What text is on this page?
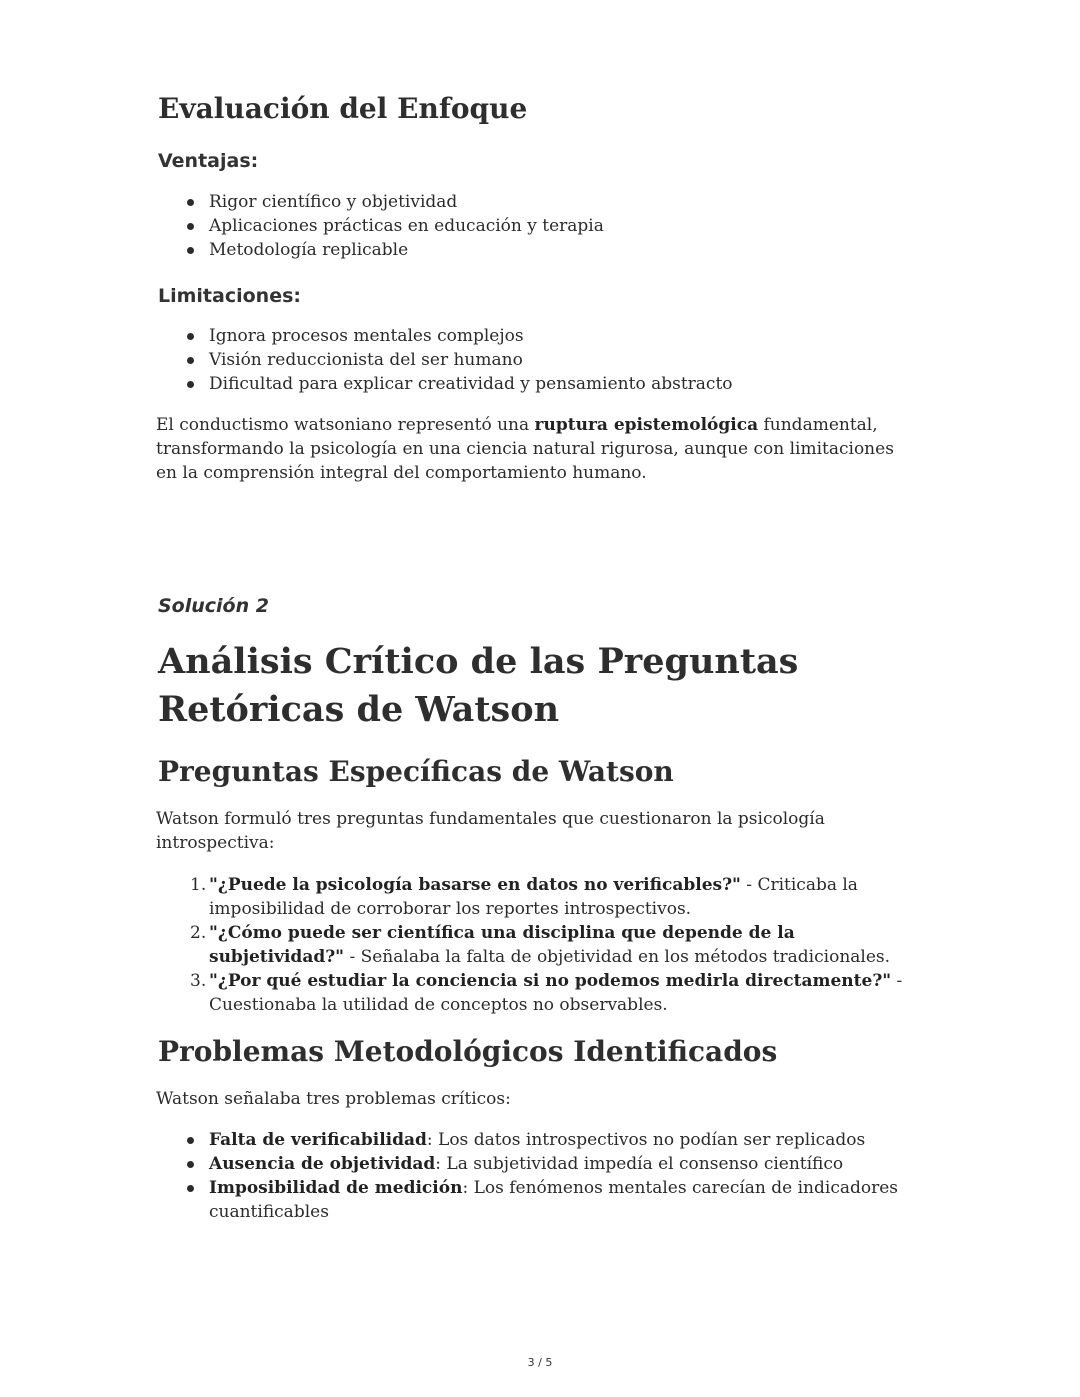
Evaluación del Enfoque
Ventajas:
Rigor científico y objetividad
Aplicaciones prácticas en educación y terapia
Metodología replicable
Limitaciones:
Ignora procesos mentales complejos
Visión reduccionista del ser humano
Dificultad para explicar creatividad y pensamiento abstracto

El conductismo watsoniano representó una ruptura epistemológica fundamental, transformando la psicología en una ciencia natural rigurosa, aunque con limitaciones en la comprensión integral del comportamiento humano.

Solución 2

Análisis Crítico de las Preguntas Retóricas de Watson
Preguntas Específicas de Watson

Watson formuló tres preguntas fundamentales que cuestionaron la psicología introspectiva:

1. "¿Puede la psicología basarse en datos no verificables?" - Criticaba la imposibilidad de corroborar los reportes introspectivos.
2. "¿Cómo puede ser científica una disciplina que depende de la subjetividad?" - Señalaba la falta de objetividad en los métodos tradicionales.
3. "¿Por qué estudiar la conciencia si no podemos medirla directamente?" - Cuestionaba la utilidad de conceptos no observables.
Problemas Metodológicos Identificados

Watson señalaba tres problemas críticos:

Falta de verificabilidad: Los datos introspectivos no podían ser replicados
Ausencia de objetividad: La subjetividad impedía el consenso científico
Imposibilidad de medición: Los fenómenos mentales carecían de indicadores cuantificables
3 / 5
